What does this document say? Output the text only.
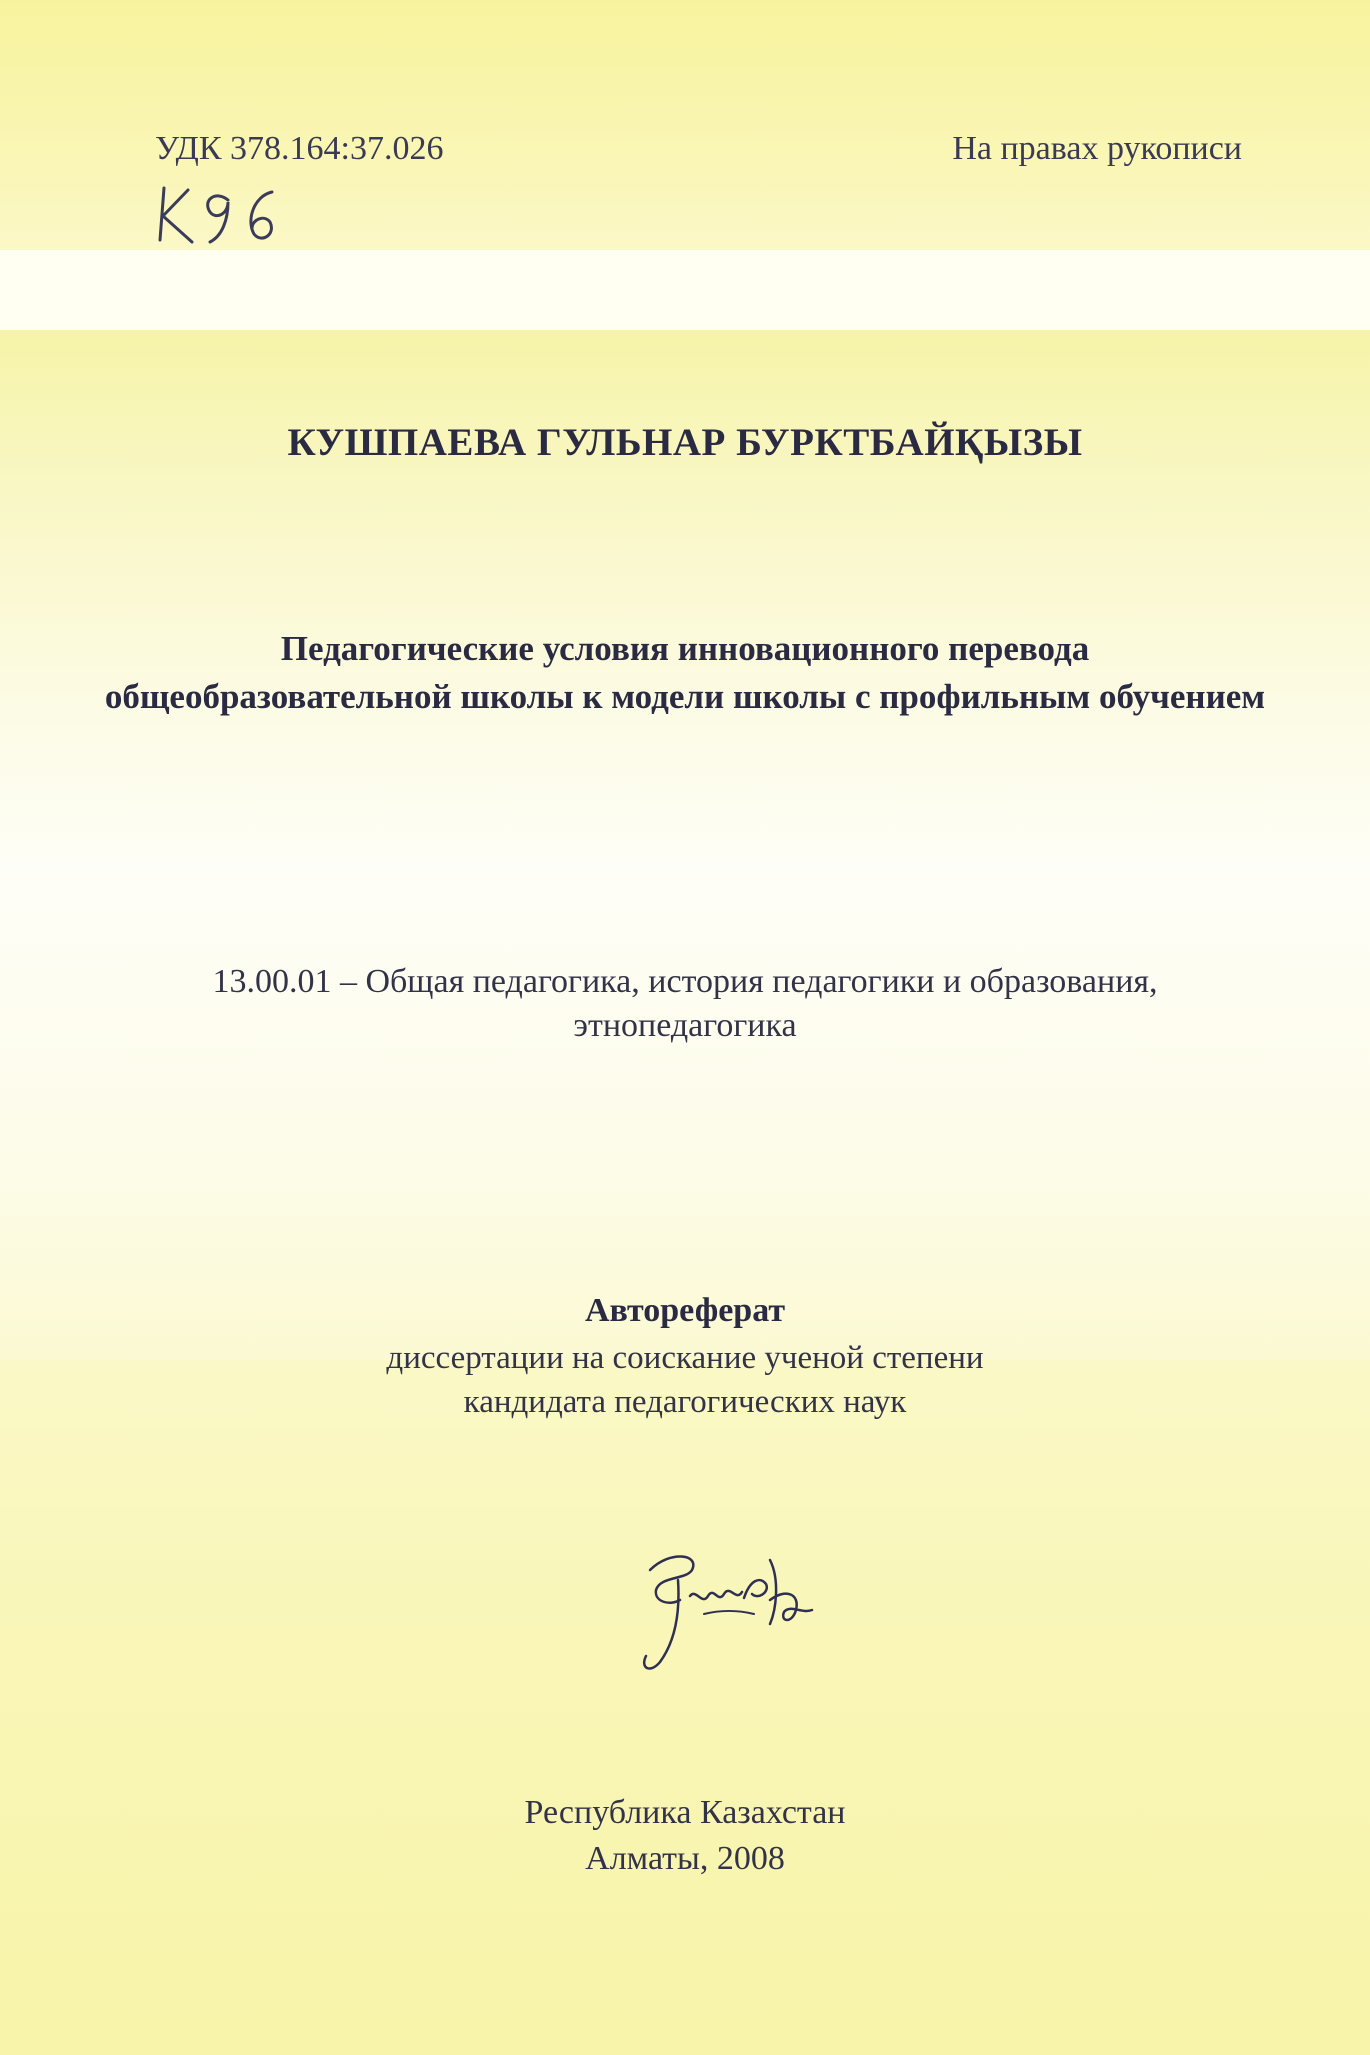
УДК 378.164:37.026	На правах рукописи

КУШПАЕВА ГУЛЬНАР БУРКТБАЙҚЫЗЫ

Педагогические условия инновационного перевода
общеобразовательной школы к модели школы с профильным обучением
13.00.01 – Общая педагогика, история педагогики и образования,
этнопедагогика

Автореферат

диссертации на соискание ученой степени
кандидата педагогических наук
Республика Казахстан
Алматы, 2008
